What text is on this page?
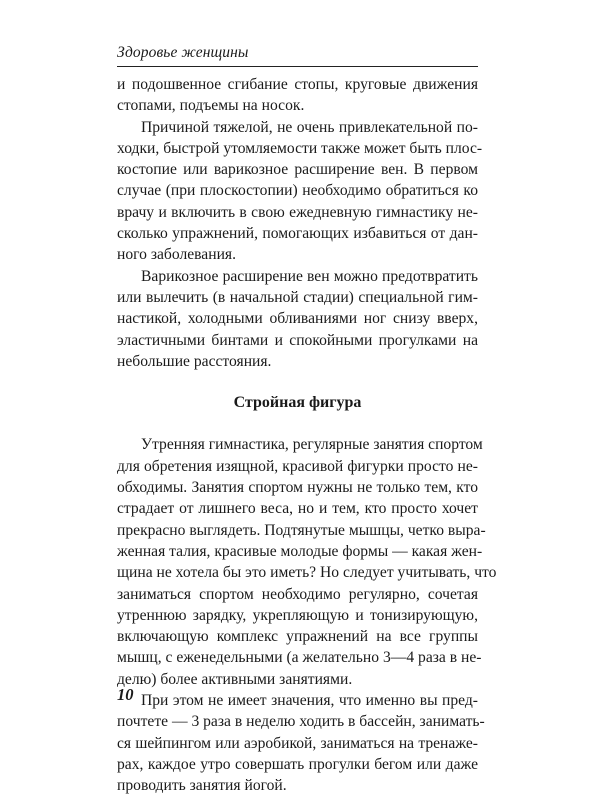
Здоровье женщины
и подошвенное сгибание стопы, круговые движения
стопами, подъемы на носок.
Причиной тяжелой, не очень привлекательной по-
ходки, быстрой утомляемости также может быть плос-
костопие или варикозное расширение вен. В первом
случае (при плоскостопии) необходимо обратиться ко
врачу и включить в свою ежедневную гимнастику не-
сколько упражнений, помогающих избавиться от дан-
ного заболевания.
Варикозное расширение вен можно предотвратить
или вылечить (в начальной стадии) специальной гим-
настикой, холодными обливаниями ног снизу вверх,
эластичными бинтами и спокойными прогулками на
небольшие расстояния.
Стройная фигура
Утренняя гимнастика, регулярные занятия спортом
для обретения изящной, красивой фигурки просто не-
обходимы. Занятия спортом нужны не только тем, кто
страдает от лишнего веса, но и тем, кто просто хочет
прекрасно выглядеть. Подтянутые мышцы, четко выра-
женная талия, красивые молодые формы — какая жен-
щина не хотела бы это иметь? Но следует учитывать, что
заниматься спортом необходимо регулярно, сочетая
утреннюю зарядку, укрепляющую и тонизирующую,
включающую комплекс упражнений на все группы
мышц, с еженедельными (а желательно 3—4 раза в не-
делю) более активными занятиями.
При этом не имеет значения, что именно вы пред-
почтете — 3 раза в неделю ходить в бассейн, занимать-
ся шейпингом или аэробикой, заниматься на тренаже-
рах, каждое утро совершать прогулки бегом или даже
проводить занятия йогой.
10
